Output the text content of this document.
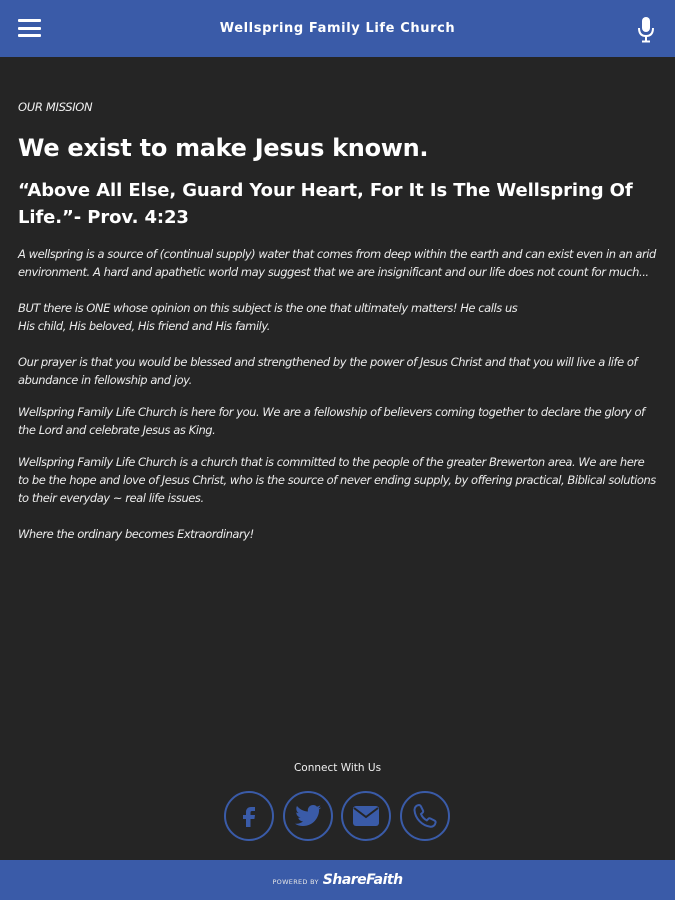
Wellspring Family Life Church
OUR MISSION
We exist to make Jesus known.
“Above All Else, Guard Your Heart, For It Is The Wellspring Of Life.”- Prov. 4:23

A wellspring is a source of (continual supply) water that comes from deep within the earth and can exist even in an arid environment. A hard and apathetic world may suggest that we are insignificant and our life does not count for much...

BUT there is ONE whose opinion on this subject is the one that ultimately matters! He calls us His child, His beloved, His friend and His family.

Our prayer is that you would be blessed and strengthened by the power of Jesus Christ and that you will live a life of abundance in fellowship and joy.

Wellspring Family Life Church is here for you. We are a fellowship of believers coming together to declare the glory of the Lord and celebrate Jesus as King.

Wellspring Family Life Church is a church that is committed to the people of the greater Brewerton area. We are here to be the hope and love of Jesus Christ, who is the source of never ending supply, by offering practical, Biblical solutions to their everyday ~ real life issues.

Where the ordinary becomes Extraordinary!

Connect With Us
POWERED BY ShareFaith
